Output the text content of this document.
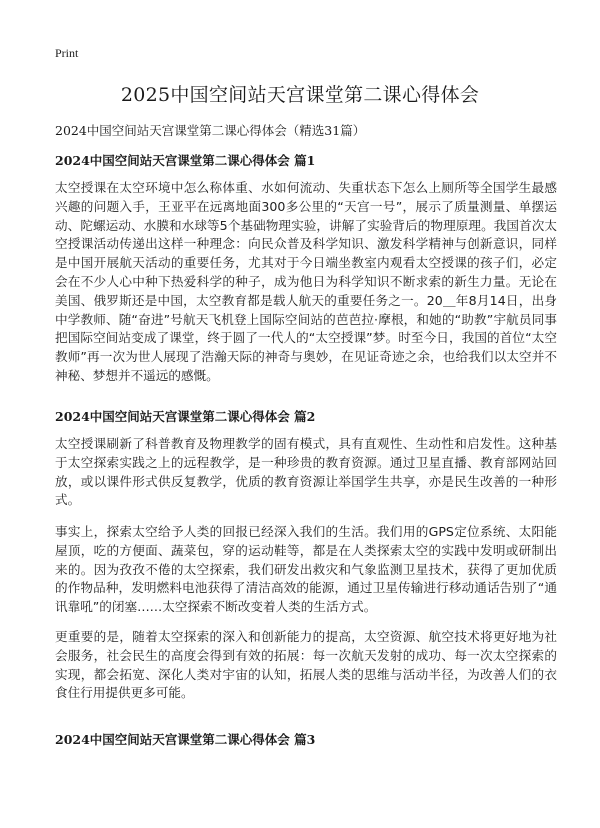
Print
2025中国空间站天宫课堂第二课心得体会

2024中国空间站天宫课堂第二课心得体会（精选31篇）

2024中国空间站天宫课堂第二课心得体会 篇1

太空授课在太空环境中怎么称体重、水如何流动、失重状态下怎么上厕所等全国学生最感兴趣的问题入手，王亚平在远离地面300多公里的“天宫一号”，展示了质量测量、单摆运动、陀螺运动、水膜和水球等5个基础物理实验，讲解了实验背后的物理原理。我国首次太空授课活动传递出这样一种理念：向民众普及科学知识、激发科学精神与创新意识，同样是中国开展航天活动的重要任务，尤其对于今日端坐教室内观看太空授课的孩子们，必定会在不少人心中种下热爱科学的种子，成为他日为科学知识不断求索的新生力量。无论在美国、俄罗斯还是中国，太空教育都是载人航天的重要任务之一。20＿年8月14日，出身中学教师、随“奋进”号航天飞机登上国际空间站的芭芭拉·摩根，和她的“助教”宇航员同事把国际空间站变成了课堂，终于圆了一代人的“太空授课”梦。时至今日，我国的首位“太空教师”再一次为世人展现了浩瀚天际的神奇与奥妙，在见证奇迹之余，也给我们以太空并不神秘、梦想并不遥远的感慨。

2024中国空间站天宫课堂第二课心得体会 篇2

太空授课刷新了科普教育及物理教学的固有模式，具有直观性、生动性和启发性。这种基于太空探索实践之上的远程教学，是一种珍贵的教育资源。通过卫星直播、教育部网站回放，或以课件形式供反复教学，优质的教育资源让举国学生共享，亦是民生改善的一种形式。

事实上，探索太空给予人类的回报已经深入我们的生活。我们用的GPS定位系统、太阳能屋顶，吃的方便面、蔬菜包，穿的运动鞋等，都是在人类探索太空的实践中发明或研制出来的。因为孜孜不倦的太空探索，我们研发出救灾和气象监测卫星技术，获得了更加优质的作物品种，发明燃料电池获得了清洁高效的能源，通过卫星传输进行移动通话告别了“通讯靠吼”的闭塞……太空探索不断改变着人类的生活方式。

更重要的是，随着太空探索的深入和创新能力的提高，太空资源、航空技术将更好地为社会服务，社会民生的高度会得到有效的拓展：每一次航天发射的成功、每一次太空探索的实现，都会拓宽、深化人类对宇宙的认知，拓展人类的思维与活动半径，为改善人们的衣食住行用提供更多可能。

2024中国空间站天宫课堂第二课心得体会 篇3
